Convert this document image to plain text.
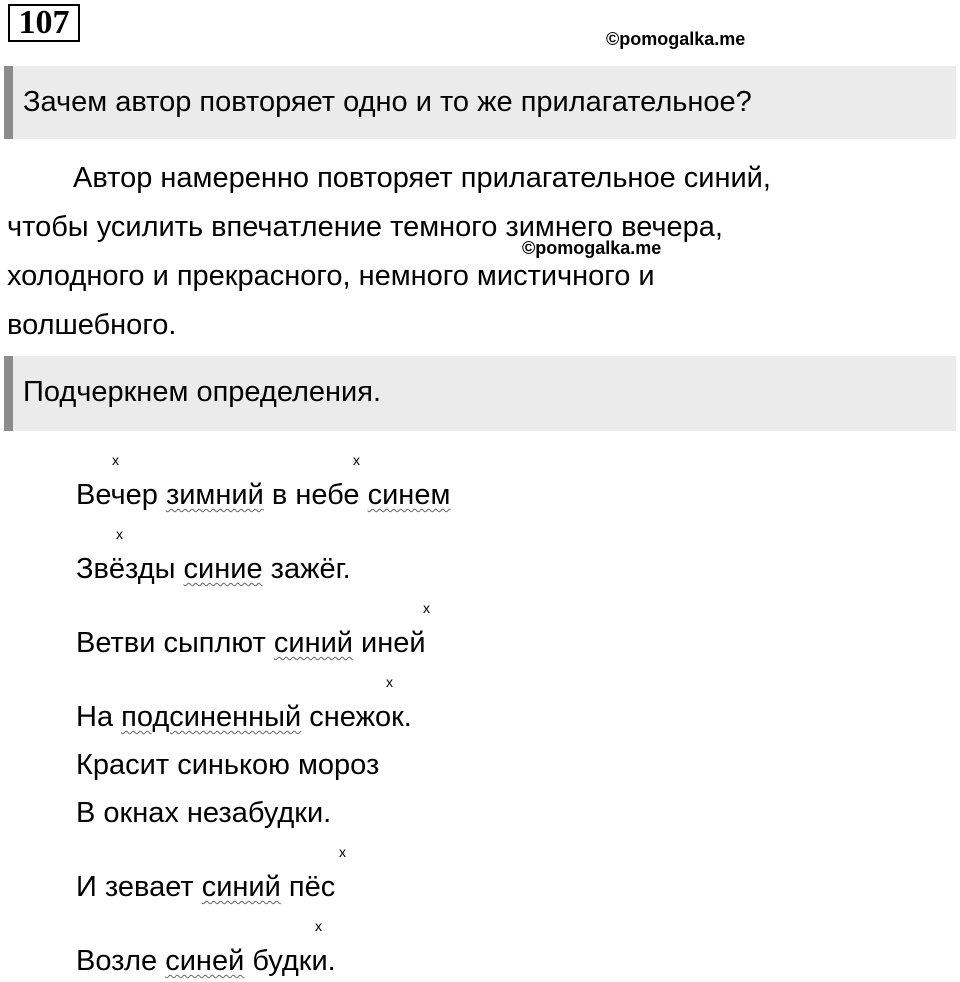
107	©pomogalka.me
Зачем автор повторяет одно и то же прилагательное?
Автор намеренно повторяет прилагательное синий,
чтобы усилить впечатление темного зимнего вечера,
холодного и прекрасного, немного мистичного и
волшебного.
©pomogalka.me
Подчеркнем определения.
x	x
Вечер зимний в небе синем
x
Звёзды синие зажёг.
x
Ветви сыплют синий иней
x
На подсиненный снежок.
Красит синькою мороз
В окнах незабудки.
x
И зевает синий пёс
x
Возле синей будки.
